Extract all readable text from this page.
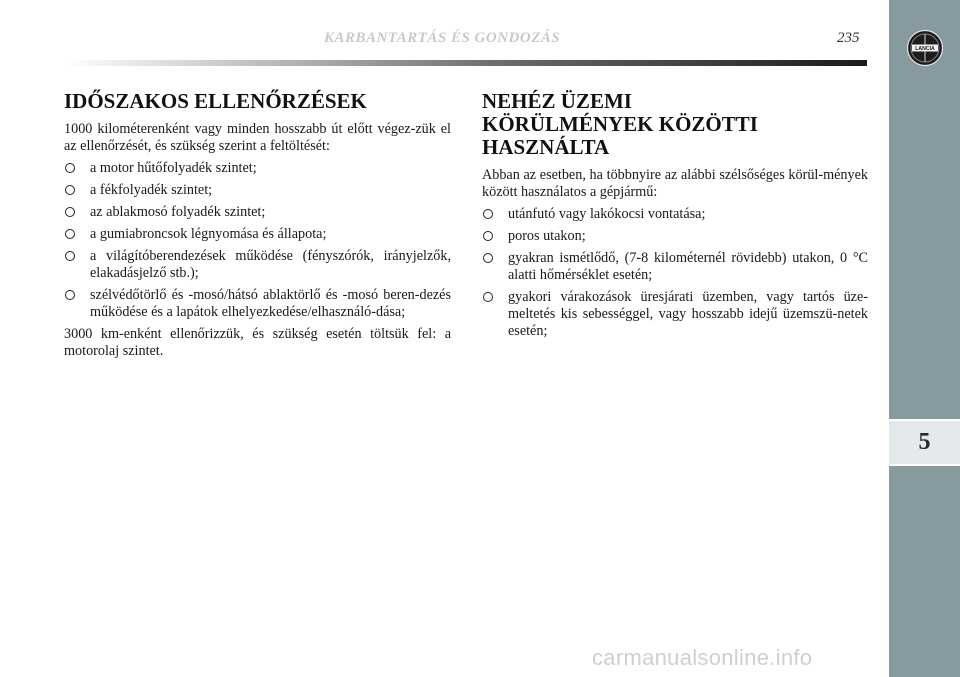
KARBANTARTÁS ÉS GONDOZÁS	235
LANCIA
5
IDŐSZAKOS ELLENŐRZÉSEK

1000 kilométerenként vagy minden hosszabb út előtt végez-zük el az ellenőrzését, és szükség szerint a feltöltését:

a motor hűtőfolyadék szintet;
a fékfolyadék szintet;
az ablakmosó folyadék szintet;
a gumiabroncsok légnyomása és állapota;
a világítóberendezések működése (fényszórók, irányjelzők, elakadásjelző stb.);
szélvédőtörlő és -mosó/hátsó ablaktörlő és -mosó beren-dezés működése és a lapátok elhelyezkedése/elhasználó-dása;

3000 km-enként ellenőrizzük, és szükség esetén töltsük fel: a motorolaj szintet.

NEHÉZ ÜZEMI
KÖRÜLMÉNYEK KÖZÖTTI
HASZNÁLTA

Abban az esetben, ha többnyire az alábbi szélsőséges körül-mények között használatos a gépjármű:

utánfutó vagy lakókocsi vontatása;
poros utakon;
gyakran ismétlődő, (7-8 kilométernél rövidebb) utakon, 0 °C alatti hőmérséklet esetén;
gyakori várakozások üresjárati üzemben, vagy tartós üze-meltetés kis sebességgel, vagy hosszabb idejű üzemszü-netek esetén;
carmanualsonline.info
